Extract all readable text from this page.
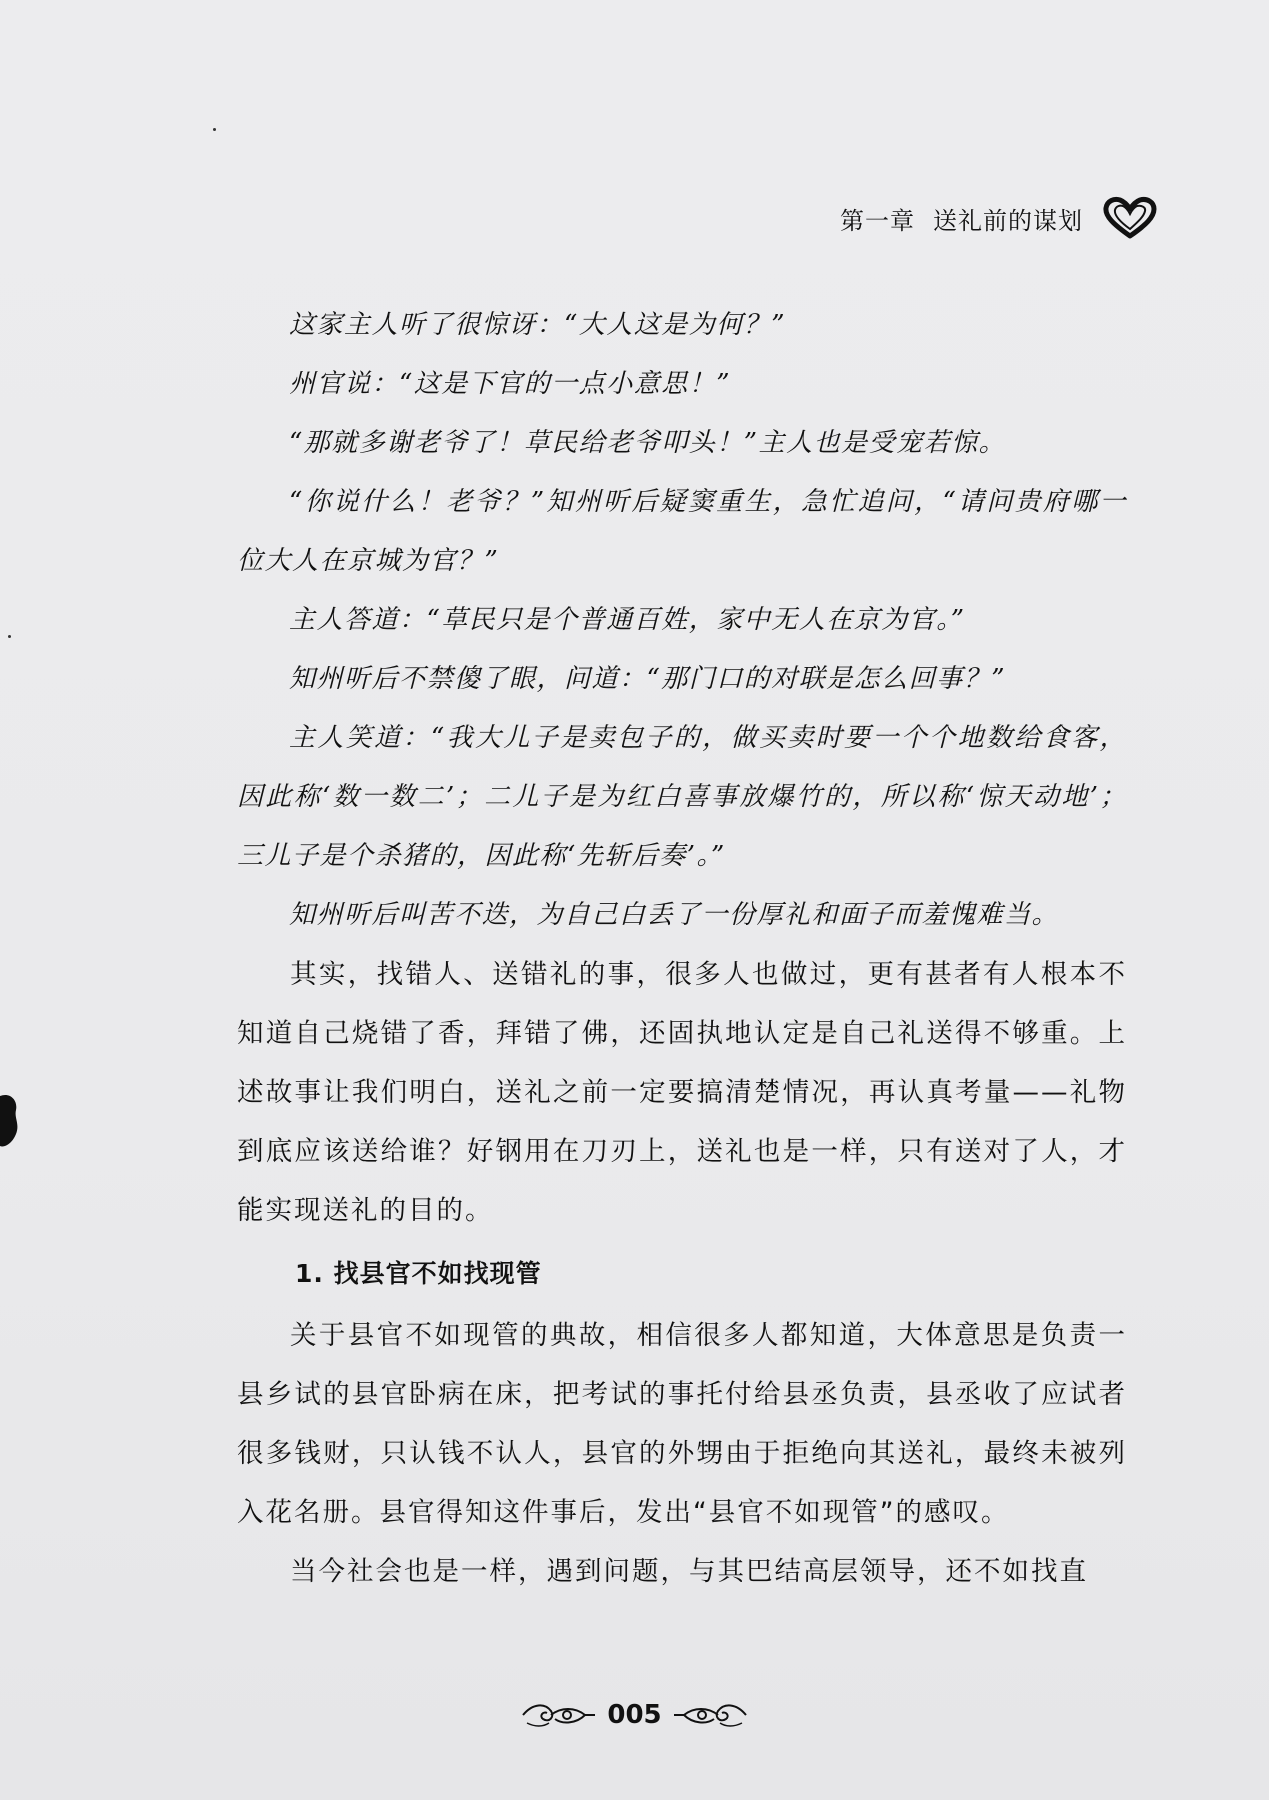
第一章 送礼前的谋划

这家主人听了很惊讶：“大人这是为何？”

州官说：“这是下官的一点小意思！”

“那就多谢老爷了！草民给老爷叩头！”主人也是受宠若惊。

“你说什么！老爷？”知州听后疑窦重生，急忙追问，“请问贵府哪一位大人在京城为官？”

主人答道：“草民只是个普通百姓，家中无人在京为官。”

知州听后不禁傻了眼，问道：“那门口的对联是怎么回事？”

主人笑道：“我大儿子是卖包子的，做买卖时要一个个地数给食客，因此称‘数一数二’；二儿子是为红白喜事放爆竹的，所以称‘惊天动地’；三儿子是个杀猪的，因此称‘先斩后奏’。”

知州听后叫苦不迭，为自己白丢了一份厚礼和面子而羞愧难当。

其实，找错人、送错礼的事，很多人也做过，更有甚者有人根本不知道自己烧错了香，拜错了佛，还固执地认定是自己礼送得不够重。上述故事让我们明白，送礼之前一定要搞清楚情况，再认真考量——礼物到底应该送给谁？好钢用在刀刃上，送礼也是一样，只有送对了人，才能实现送礼的目的。

1. 找县官不如找现管

关于县官不如现管的典故，相信很多人都知道，大体意思是负责一县乡试的县官卧病在床，把考试的事托付给县丞负责，县丞收了应试者很多钱财，只认钱不认人，县官的外甥由于拒绝向其送礼，最终未被列入花名册。县官得知这件事后，发出“县官不如现管”的感叹。

当今社会也是一样，遇到问题，与其巴结高层领导，还不如找直

005
